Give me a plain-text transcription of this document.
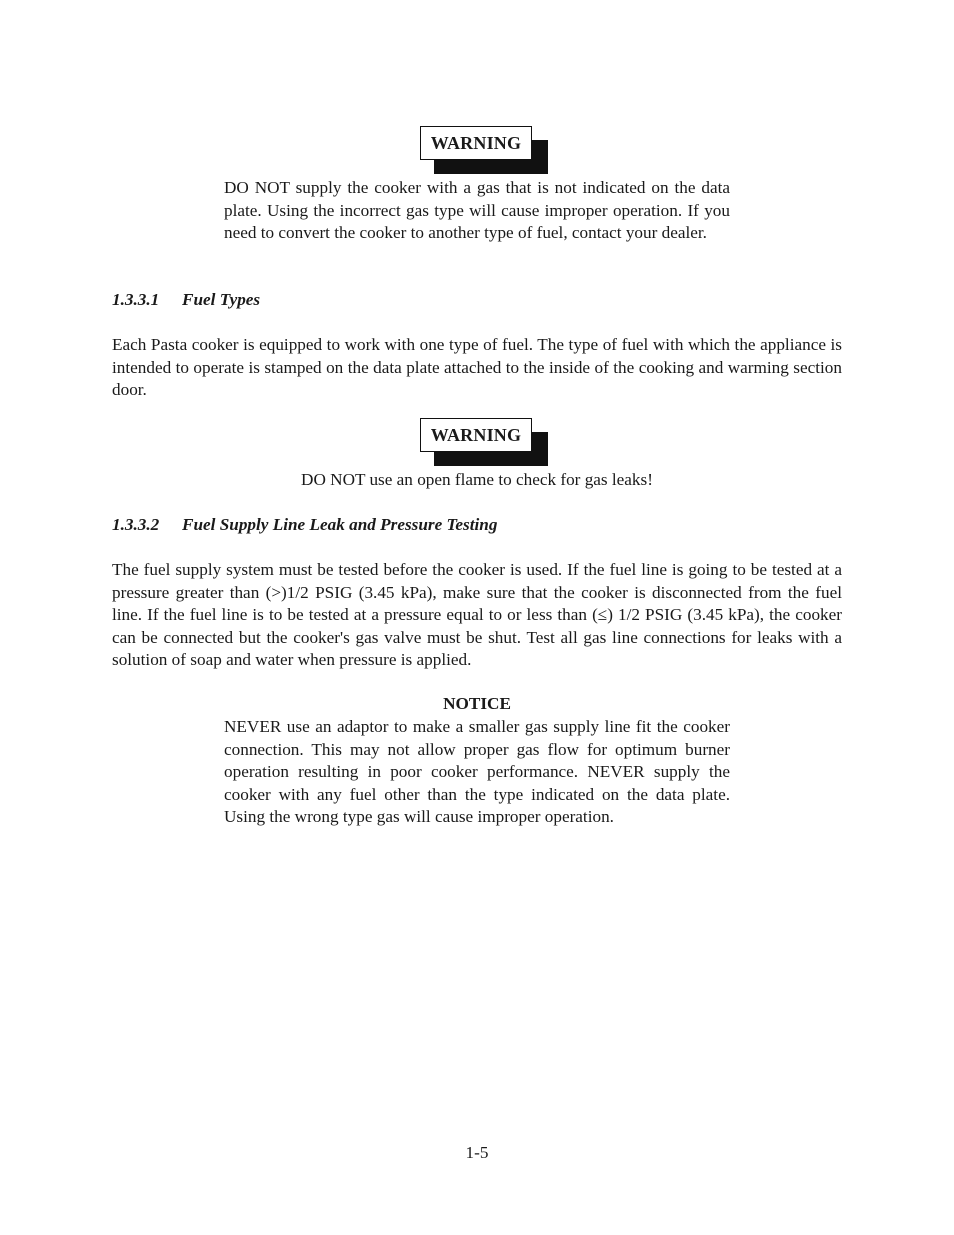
WARNING

DO NOT supply the cooker with a gas that is not indicated on the data plate. Using the incorrect gas type will cause improper operation. If you need to convert the cooker to another type of fuel, contact your dealer.

1.3.3.1 Fuel Types

Each Pasta cooker is equipped to work with one type of fuel. The type of fuel with which the appliance is intended to operate is stamped on the data plate attached to the inside of the cooking and warming section door.

WARNING

DO NOT use an open flame to check for gas leaks!

1.3.3.2 Fuel Supply Line Leak and Pressure Testing

The fuel supply system must be tested before the cooker is used. If the fuel line is going to be tested at a pressure greater than (>)1/2 PSIG (3.45 kPa), make sure that the cooker is disconnected from the fuel line. If the fuel line is to be tested at a pressure equal to or less than (≤) 1/2 PSIG (3.45 kPa), the cooker can be connected but the cooker's gas valve must be shut. Test all gas line connections for leaks with a solution of soap and water when pressure is applied.

NOTICE

NEVER use an adaptor to make a smaller gas supply line fit the cooker connection. This may not allow proper gas flow for optimum burner operation resulting in poor cooker performance. NEVER supply the cooker with any fuel other than the type indicated on the data plate. Using the wrong type gas will cause improper operation.

1-5
